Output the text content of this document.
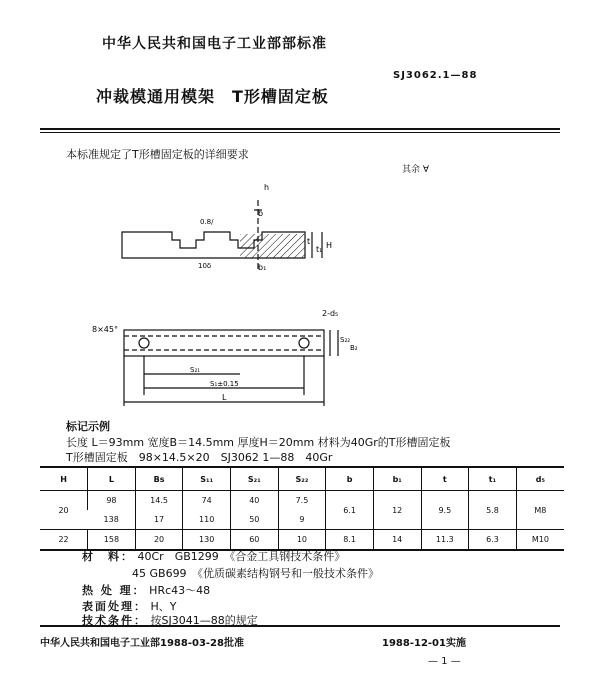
中华人民共和国电子工业部部标准
SJ3062.1—88
冲裁模通用模架　T形槽固定板
本标准规定了T形槽固定板的详细要求
其余 ∀
h
b
t
t₁ H
0.8/
b₁
10δ
8×45°
2-d₅
S₂₁
S₁±0.15
L
S₂₂
B₂
标记示例
长度 L＝93mm 宽度B＝14.5mm 厚度H＝20mm 材料为40Gr的T形槽固定板
T形槽固定板　98×14.5×20　SJ3062 1—88　40Gr
H	L	Bs	S₁₁	S₂₁	S₂₂	b	b₁	t	t₁	d₅
20	98	14.5	74	40	7.5	6.1	12	9.5	5.8	M8
	138	17	110	50	9					
22	158	20	130	60	10	8.1	14	11.3	6.3	M10
材　料： 40Cr　GB1299　《合金工具钢技术条件》
45 GB699　《优质碳素结构钢号和一般技术条件》
热 处 理： HRc43～48
表面处理： H、Y
技术条件： 按SJ3041—88的规定
中华人民共和国电子工业部1988-03-28批准	1988-12-01实施
— 1 —
